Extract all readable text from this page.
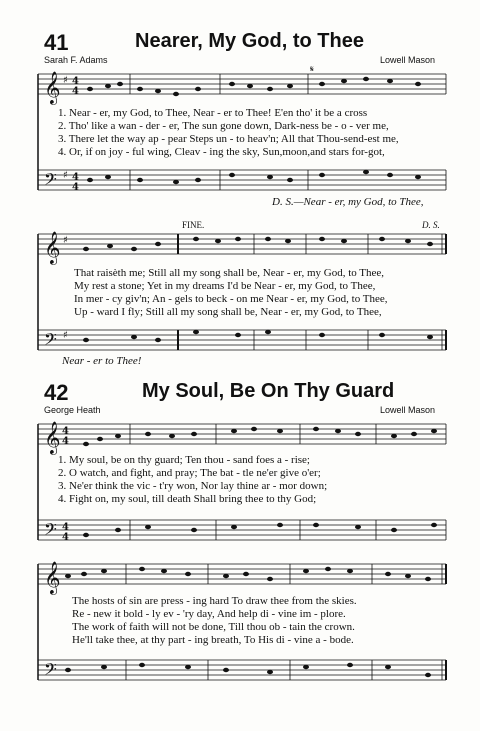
41	Nearer, My God, to Thee
Sarah F. Adams	Lowell Mason
𝄞 ♯ 4
4
𝄢 ♯ 4
4
𝄋
1. Near - er, my God, to Thee, Near - er to Thee! E'en tho' it be a cross
2. Tho' like a wan - der - er, The sun gone down, Dark-ness be - o - ver me,
3. There let the way ap - pear Steps un - to heav'n; All that Thou-send-est me,
4. Or, if on joy - ful wing, Cleav - ing the sky, Sun,moon,and stars for-got,
D. S.—Near - er, my God, to Thee,
FINE.	D. S.
𝄞 ♯
𝄢 ♯
That raisèth me; Still all my song shall be, Near - er, my God, to Thee,
My rest a stone; Yet in my dreams I'd be Near - er, my God, to Thee,
In mer - cy giv'n; An - gels to beck - on me Near - er, my God, to Thee,
Up - ward I fly; Still all my song shall be, Near - er, my God, to Thee,
Near - er to Thee!
42	My Soul, Be On Thy Guard
George Heath	Lowell Mason
𝄞 4
4
𝄢 4
4
1. My soul, be on thy guard; Ten thou - sand foes a - rise;
2. O watch, and fight, and pray; The bat - tle ne'er give o'er;
3. Ne'er think the vic - t'ry won, Nor lay thine ar - mor down;
4. Fight on, my soul, till death Shall bring thee to thy God;
𝄞
𝄢
The hosts of sin are press - ing hard To draw thee from the skies.
Re - new it bold - ly ev - 'ry day, And help di - vine im - plore.
The work of faith will not be done, Till thou ob - tain the crown.
He'll take thee, at thy part - ing breath, To His di - vine a - bode.
